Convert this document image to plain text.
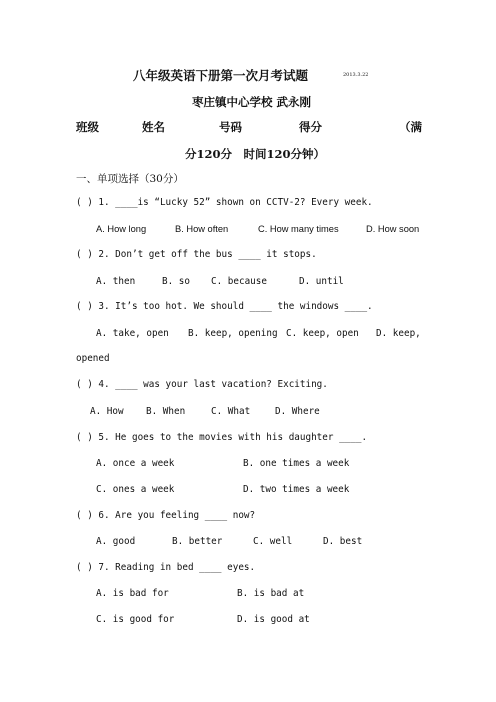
八年级英语下册第一次月考试题	2013.3.22
枣庄镇中心学校 武永刚
班级	姓名	号码	得分	（满
分120分　时间120分钟）
一、单项选择（30分）
( ) 1. ____is “Lucky 52” shown on CCTV-2? Every week.
A. How long	B. How often	C. How many times	D. How soon
( ) 2. Don’t get off the bus ____ it stops.
A. then	B. so C. because	D. until
( ) 3. It’s too hot. We should ____ the windows ____.
A. take, open B. keep, opening C. keep, open D. keep,
opened
( ) 4. ____ was your last vacation? Exciting.
A. How B. When	C. What	D. Where
( ) 5. He goes to the movies with his daughter ____.
A. once a week	B. one times a week
C. ones a week	D. two times a week
( ) 6. Are you feeling ____ now?
A. good	B. better	C. well	D. best
( ) 7. Reading in bed ____ eyes.
A. is bad for	B. is bad at
C. is good for	D. is good at
